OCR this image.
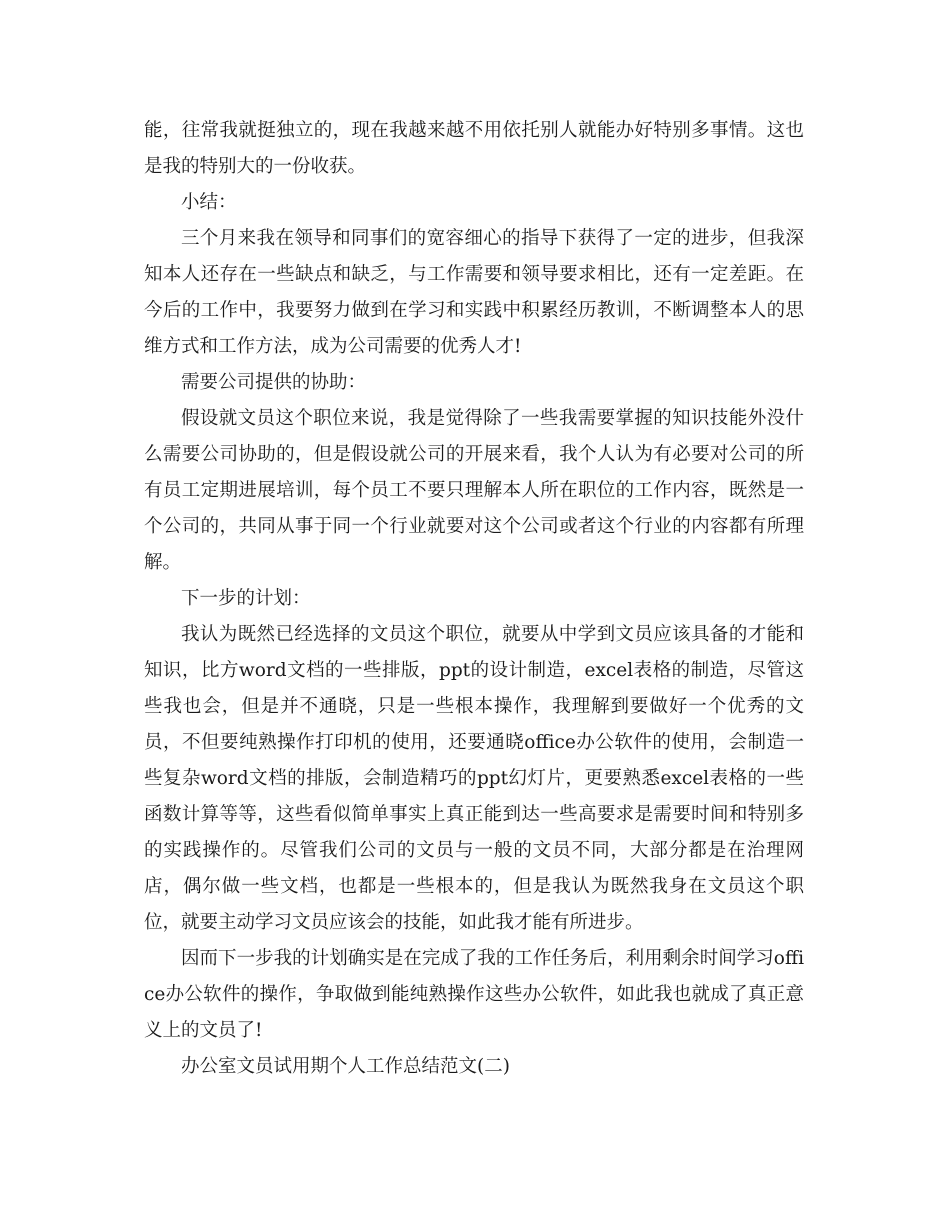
能，往常我就挺独立的，现在我越来越不用依托别人就能办好特别多事情。这也是我的特别大的一份收获。

小结：

三个月来我在领导和同事们的宽容细心的指导下获得了一定的进步，但我深知本人还存在一些缺点和缺乏，与工作需要和领导要求相比，还有一定差距。在今后的工作中，我要努力做到在学习和实践中积累经历教训，不断调整本人的思维方式和工作方法，成为公司需要的优秀人才!

需要公司提供的协助：

假设就文员这个职位来说，我是觉得除了一些我需要掌握的知识技能外没什么需要公司协助的，但是假设就公司的开展来看，我个人认为有必要对公司的所有员工定期进展培训，每个员工不要只理解本人所在职位的工作内容，既然是一个公司的，共同从事于同一个行业就要对这个公司或者这个行业的内容都有所理解。

下一步的计划：

我认为既然已经选择的文员这个职位，就要从中学到文员应该具备的才能和知识，比方word文档的一些排版，ppt的设计制造，excel表格的制造，尽管这些我也会，但是并不通晓，只是一些根本操作，我理解到要做好一个优秀的文员，不但要纯熟操作打印机的使用，还要通晓office办公软件的使用，会制造一些复杂word文档的排版，会制造精巧的ppt幻灯片，更要熟悉excel表格的一些函数计算等等，这些看似简单事实上真正能到达一些高要求是需要时间和特别多的实践操作的。尽管我们公司的文员与一般的文员不同，大部分都是在治理网店，偶尔做一些文档，也都是一些根本的，但是我认为既然我身在文员这个职位，就要主动学习文员应该会的技能，如此我才能有所进步。

因而下一步我的计划确实是在完成了我的工作任务后，利用剩余时间学习office办公软件的操作，争取做到能纯熟操作这些办公软件，如此我也就成了真正意义上的文员了!

办公室文员试用期个人工作总结范文(二)
